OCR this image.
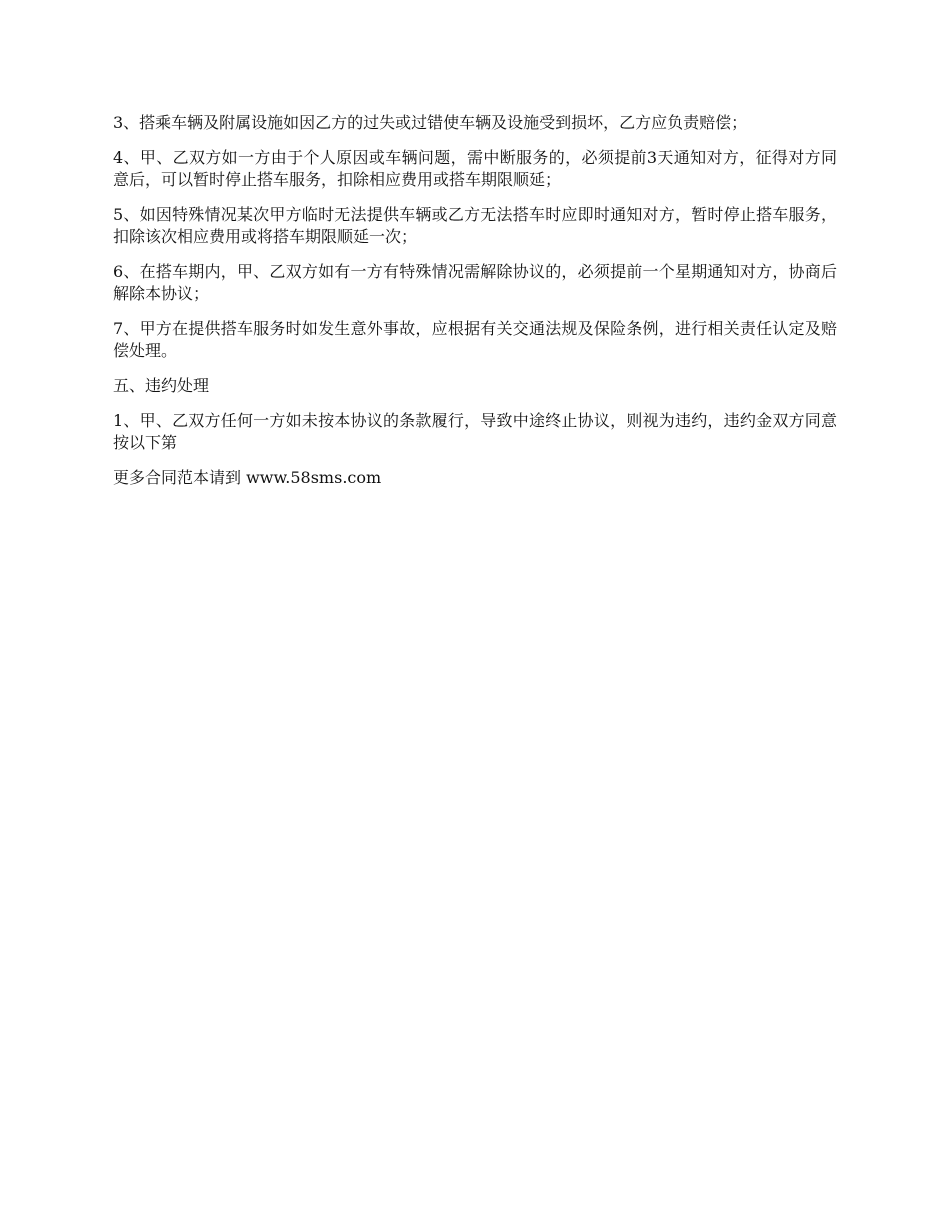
3、搭乘车辆及附属设施如因乙方的过失或过错使车辆及设施受到损坏，乙方应负责赔偿；

4、甲、乙双方如一方由于个人原因或车辆问题，需中断服务的，必须提前3天通知对方，征得对方同意后，可以暂时停止搭车服务，扣除相应费用或搭车期限顺延；

5、如因特殊情况某次甲方临时无法提供车辆或乙方无法搭车时应即时通知对方，暂时停止搭车服务，扣除该次相应费用或将搭车期限顺延一次；

6、在搭车期内，甲、乙双方如有一方有特殊情况需解除协议的，必须提前一个星期通知对方，协商后解除本协议；

7、甲方在提供搭车服务时如发生意外事故，应根据有关交通法规及保险条例，进行相关责任认定及赔偿处理。

五、违约处理

1、甲、乙双方任何一方如未按本协议的条款履行，导致中途终止协议，则视为违约，违约金双方同意按以下第

更多合同范本请到 www.58sms.com
